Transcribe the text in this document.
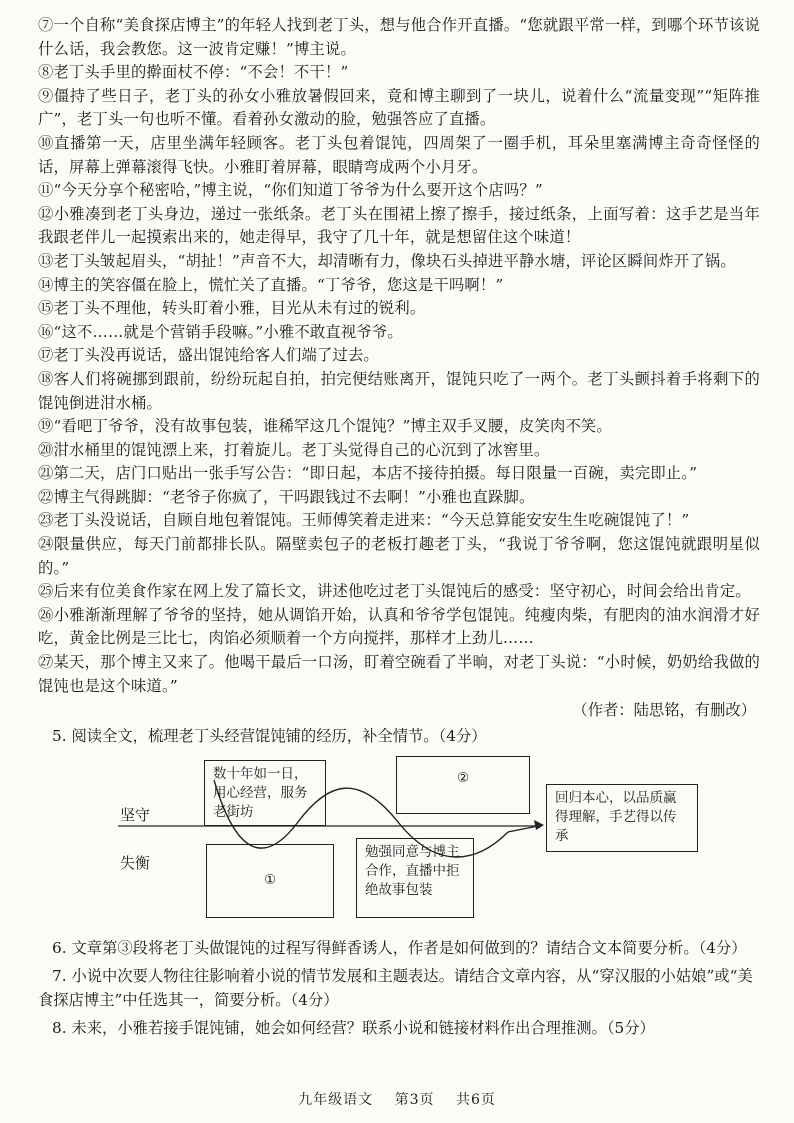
⑦一个自称“美食探店博主”的年轻人找到老丁头，想与他合作开直播。“您就跟平常一样，到哪个环节该说什么话，我会教您。这一波肯定赚！”博主说。

⑧老丁头手里的擀面杖不停：“不会！不干！”

⑨僵持了些日子，老丁头的孙女小雅放暑假回来，竟和博主聊到了一块儿，说着什么“流量变现”“矩阵推广”，老丁头一句也听不懂。看着孙女激动的脸，勉强答应了直播。

⑩直播第一天，店里坐满年轻顾客。老丁头包着馄饨，四周架了一圈手机，耳朵里塞满博主奇奇怪怪的话，屏幕上弹幕滚得飞快。小雅盯着屏幕，眼睛弯成两个小月牙。

⑪“今天分享个秘密哈，”博主说，“你们知道丁爷爷为什么要开这个店吗？”

⑫小雅凑到老丁头身边，递过一张纸条。老丁头在围裙上擦了擦手，接过纸条，上面写着：这手艺是当年我跟老伴儿一起摸索出来的，她走得早，我守了几十年，就是想留住这个味道！

⑬老丁头皱起眉头，“胡扯！”声音不大，却清晰有力，像块石头掉进平静水塘，评论区瞬间炸开了锅。

⑭博主的笑容僵在脸上，慌忙关了直播。“丁爷爷，您这是干吗啊！”

⑮老丁头不理他，转头盯着小雅，目光从未有过的锐利。

⑯“这不……就是个营销手段嘛。”小雅不敢直视爷爷。

⑰老丁头没再说话，盛出馄饨给客人们端了过去。

⑱客人们将碗挪到跟前，纷纷玩起自拍，拍完便结账离开，馄饨只吃了一两个。老丁头颤抖着手将剩下的馄饨倒进泔水桶。

⑲“看吧丁爷爷，没有故事包装，谁稀罕这几个馄饨？”博主双手叉腰，皮笑肉不笑。

⑳泔水桶里的馄饨漂上来，打着旋儿。老丁头觉得自己的心沉到了冰窖里。

㉑第二天，店门口贴出一张手写公告：“即日起，本店不接待拍摄。每日限量一百碗，卖完即止。”

㉒博主气得跳脚：“老爷子你疯了，干吗跟钱过不去啊！”小雅也直跺脚。

㉓老丁头没说话，自顾自地包着馄饨。王师傅笑着走进来：“今天总算能安安生生吃碗馄饨了！”

㉔限量供应，每天门前都排长队。隔壁卖包子的老板打趣老丁头，“我说丁爷爷啊，您这馄饨就跟明星似的。”

㉕后来有位美食作家在网上发了篇长文，讲述他吃过老丁头馄饨后的感受：坚守初心，时间会给出肯定。

㉖小雅渐渐理解了爷爷的坚持，她从调馅开始，认真和爷爷学包馄饨。纯瘦肉柴，有肥肉的油水润滑才好吃，黄金比例是三比七，肉馅必须顺着一个方向搅拌，那样才上劲儿……

㉗某天，那个博主又来了。他喝干最后一口汤，盯着空碗看了半晌，对老丁头说：“小时候，奶奶给我做的馄饨也是这个味道。”

（作者：陆思铭，有删改）

5. 阅读全文，梳理老丁头经营馄饨铺的经历，补全情节。（4分）

坚守
失衡
数十年如一日，用心经营，服务老街坊
②
①
勉强同意与博主合作，直播中拒绝故事包装
回归本心，以品质赢得理解，手艺得以传承

6. 文章第③段将老丁头做馄饨的过程写得鲜香诱人，作者是如何做到的？请结合文本简要分析。（4分）

7. 小说中次要人物往往影响着小说的情节发展和主题表达。请结合文章内容，从“穿汉服的小姑娘”或“美食探店博主”中任选其一，简要分析。（4分）

8. 未来，小雅若接手馄饨铺，她会如何经营？联系小说和链接材料作出合理推测。（5分）

九年级语文 第3页 共6页
